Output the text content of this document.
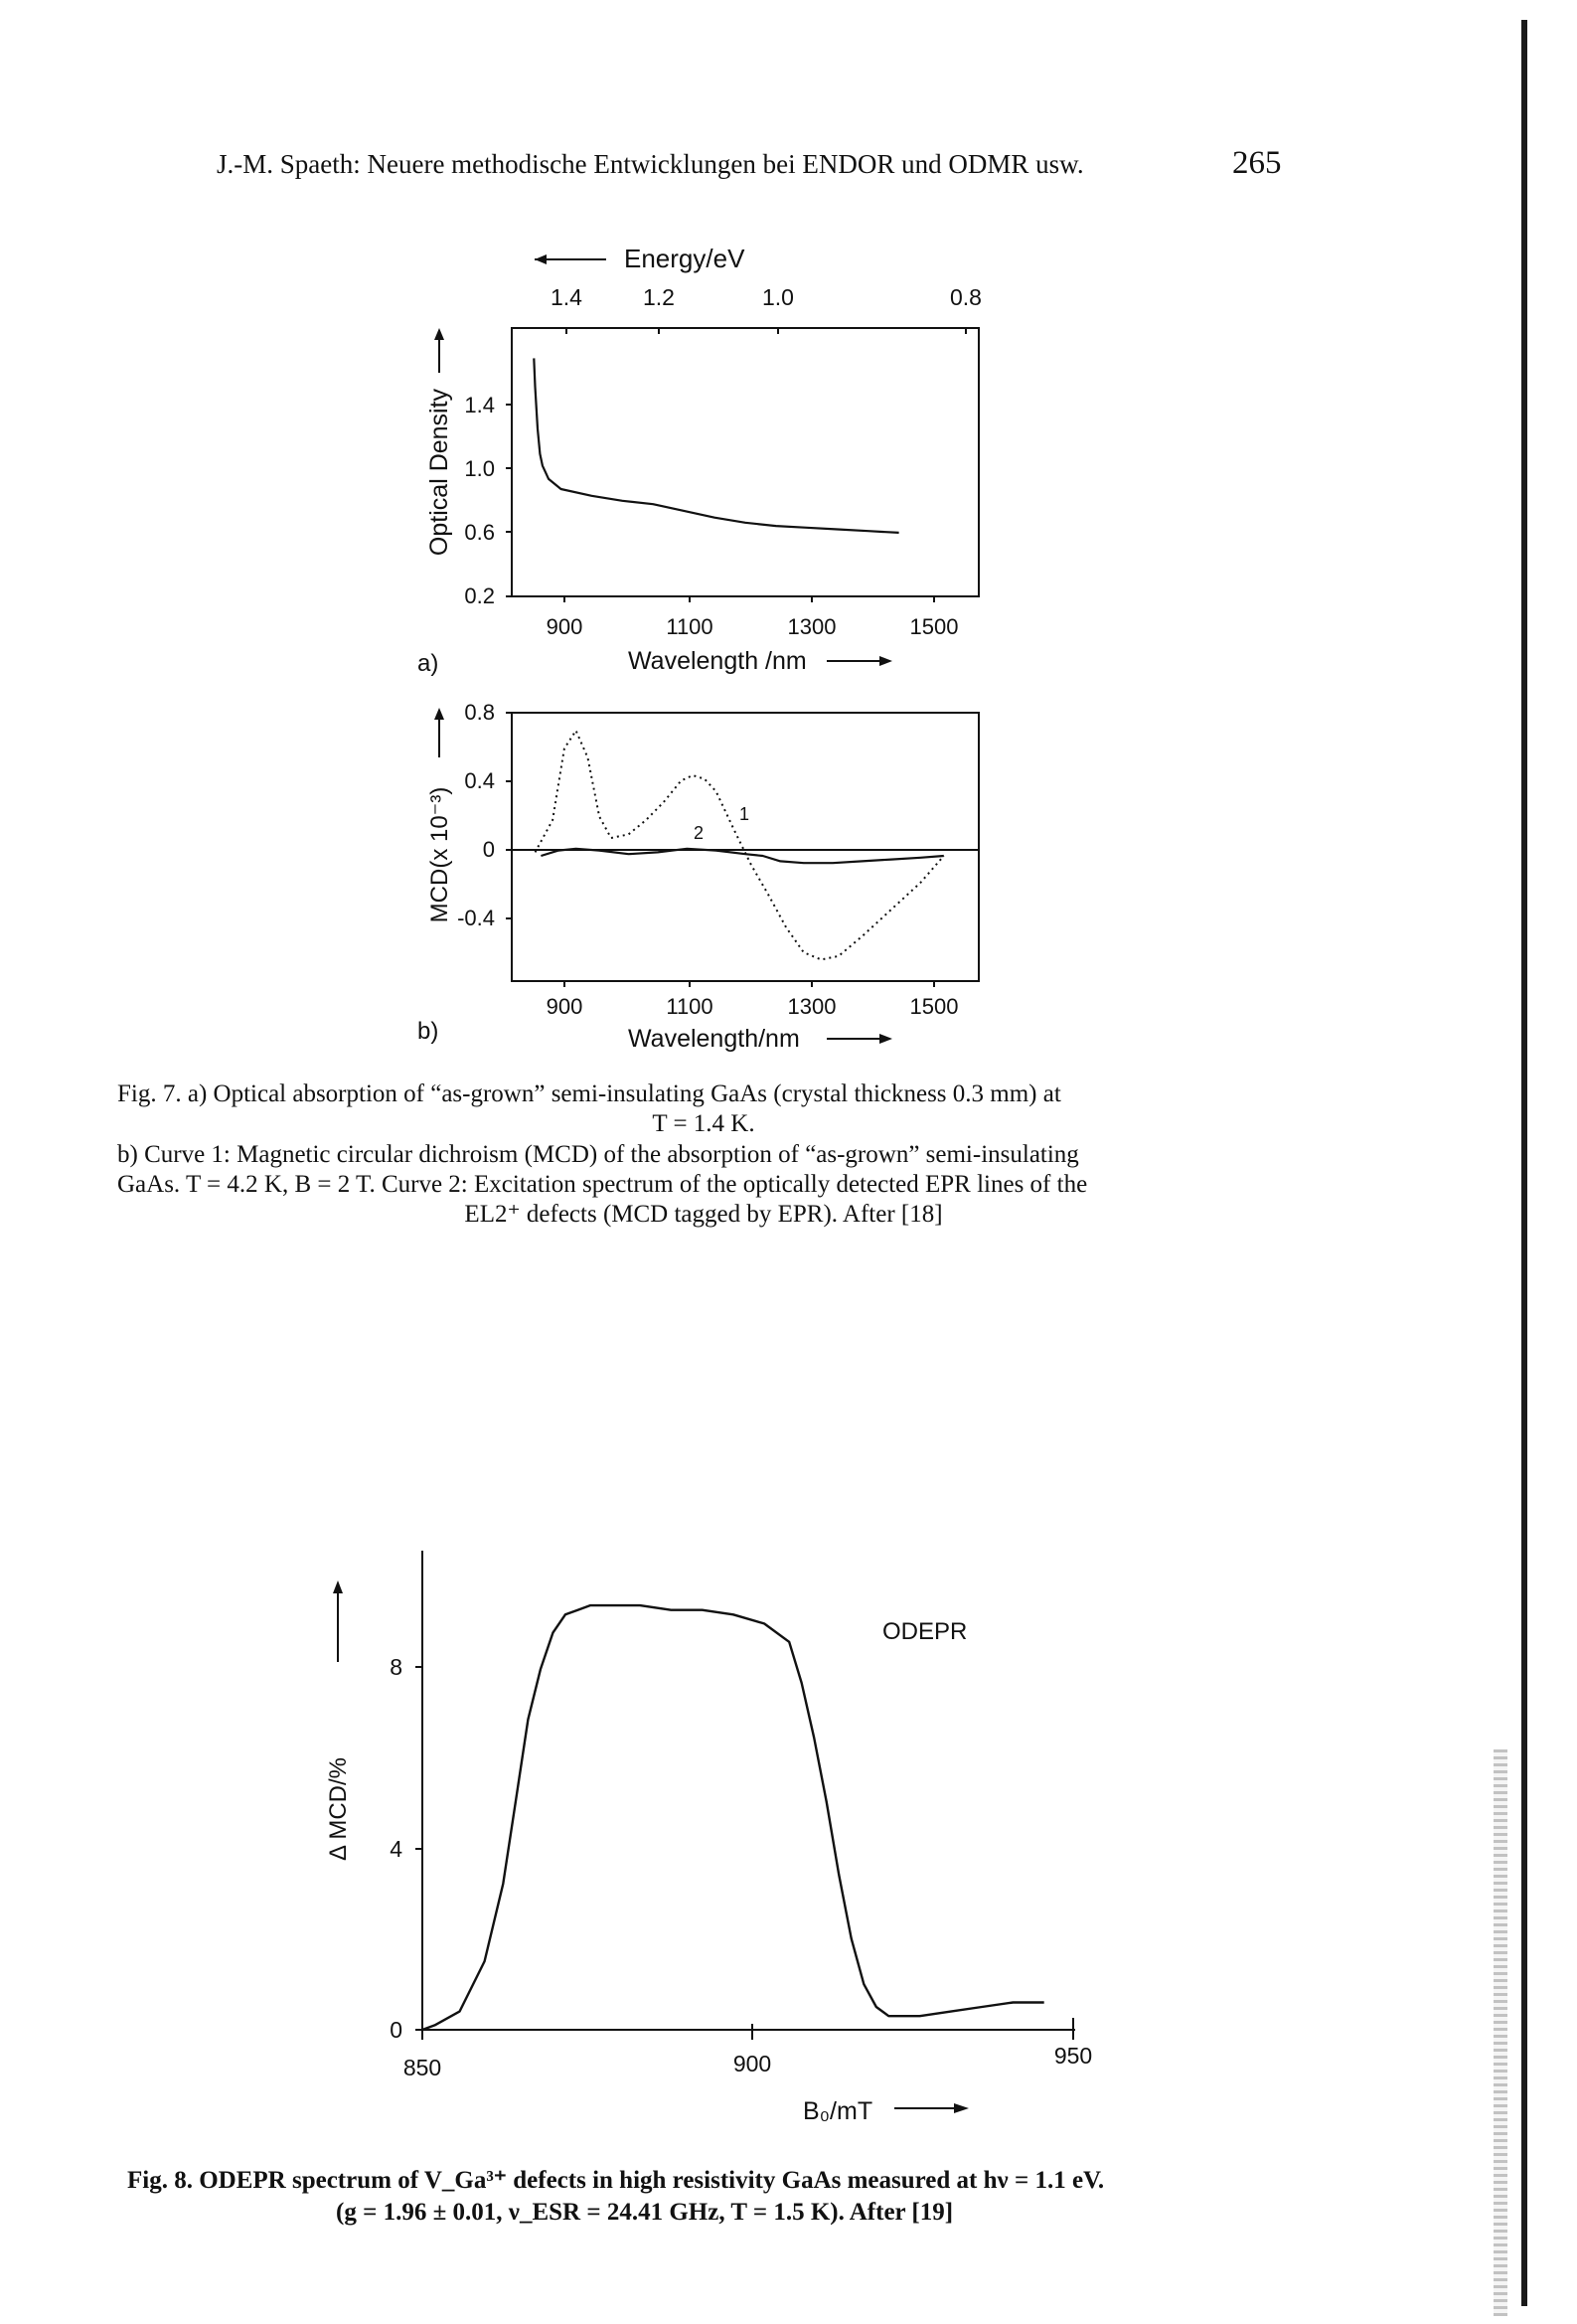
J.-M. Spaeth: Neuere methodische Entwicklungen bei ENDOR und ODMR usw.	265
Energy/eV
1.4	1.2	1.0	0.8
Optical Density 1.4
1.0
0.6
0.2
900	1100	1300	1500
Wavelength /nm
a)
MCD(x 10⁻³)
0.8
0.4
0
-0.4
900	1100	1300	1500
Wavelength/nm
b)
1
2
Fig. 7. a) Optical absorption of “as-grown” semi-insulating GaAs (crystal thickness 0.3 mm) at
T = 1.4 K.
b) Curve 1: Magnetic circular dichroism (MCD) of the absorption of “as-grown” semi-insulating
GaAs. T = 4.2 K, B = 2 T. Curve 2: Excitation spectrum of the optically detected EPR lines of the
EL2⁺ defects (MCD tagged by EPR). After [18]
Δ MCD/%
8
4
0
850	900	950
B₀/mT
ODEPR
Fig. 8. ODEPR spectrum of V_Ga³⁺ defects in high resistivity GaAs measured at hν = 1.1 eV.
(g = 1.96 ± 0.01, ν_ESR = 24.41 GHz, T = 1.5 K). After [19]
